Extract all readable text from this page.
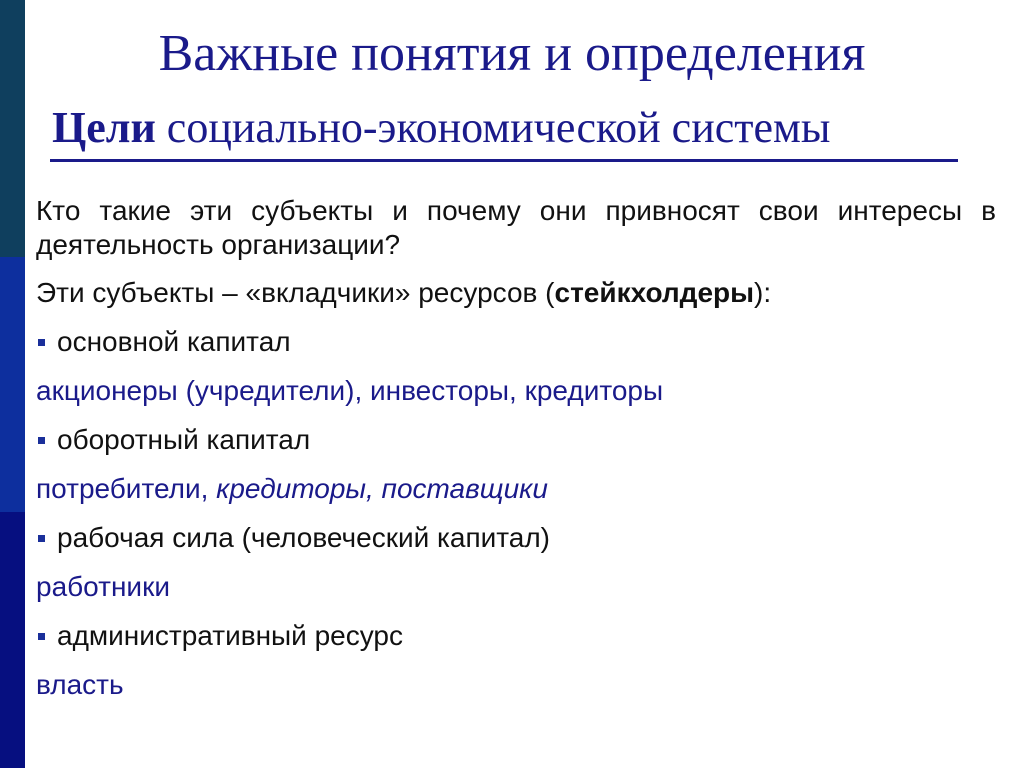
Важные понятия и определения
Цели социально-экономической системы
Кто такие эти субъекты и почему они привносят свои интересы в деятельность организации?
Эти субъекты – «вкладчики» ресурсов (стейкхолдеры):
основной капитал
акционеры (учредители), инвесторы, кредиторы
оборотный капитал
потребители, кредиторы, поставщики
рабочая сила (человеческий капитал)
работники
административный ресурс
власть
